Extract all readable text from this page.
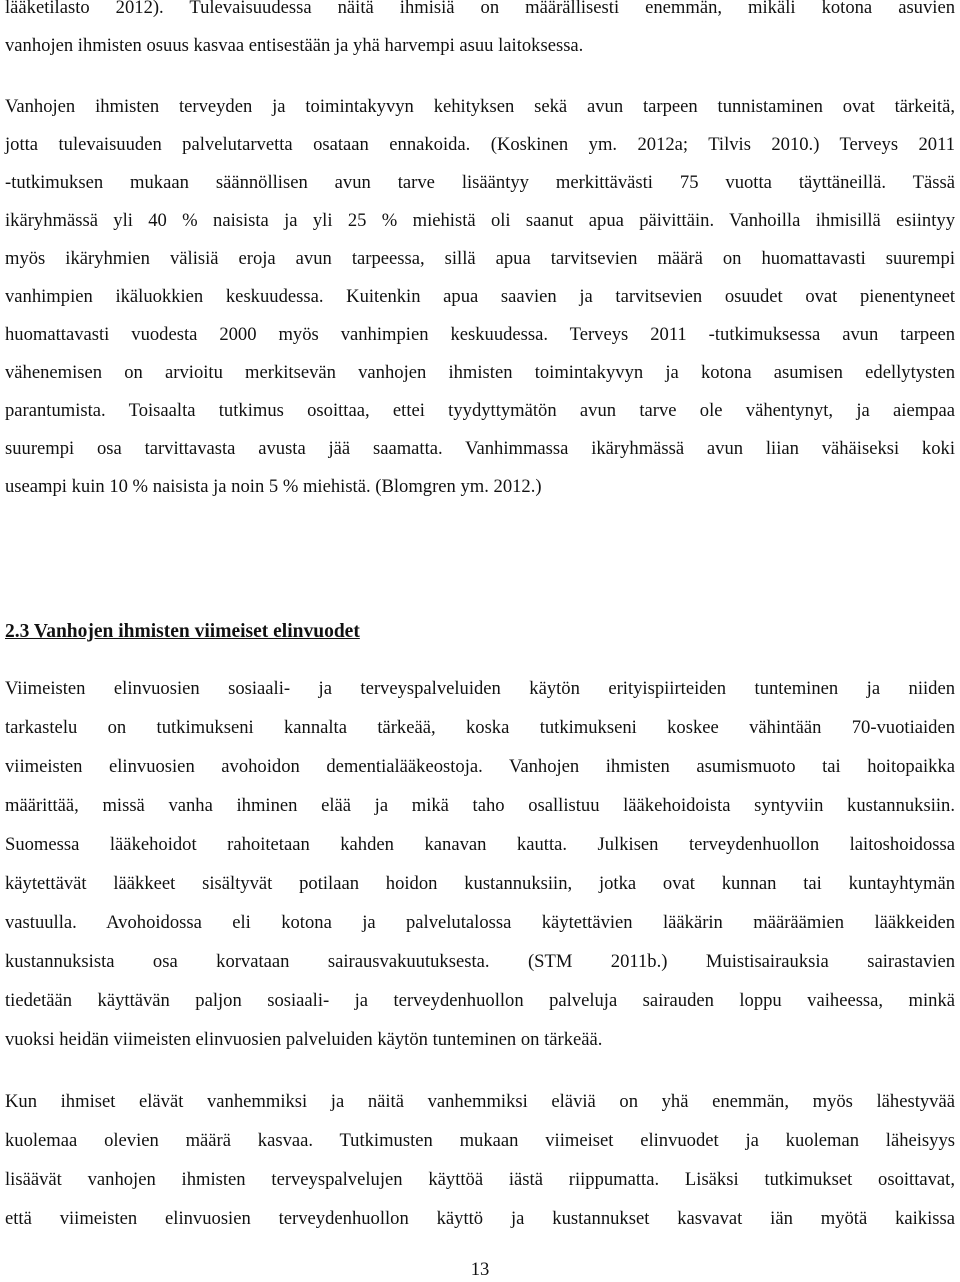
lääketilasto 2012). Tulevaisuudessa näitä ihmisiä on määrällisesti enemmän, mikäli kotona asuvien
vanhojen ihmisten osuus kasvaa entisestään ja yhä harvempi asuu laitoksessa.
Vanhojen ihmisten terveyden ja toimintakyvyn kehityksen sekä avun tarpeen tunnistaminen ovat tärkeitä,
jotta tulevaisuuden palvelutarvetta osataan ennakoida. (Koskinen ym. 2012a; Tilvis 2010.) Terveys 2011
-tutkimuksen mukaan säännöllisen avun tarve lisääntyy merkittävästi 75 vuotta täyttäneillä. Tässä
ikäryhmässä yli 40 % naisista ja yli 25 % miehistä oli saanut apua päivittäin. Vanhoilla ihmisillä esiintyy
myös ikäryhmien välisiä eroja avun tarpeessa, sillä apua tarvitsevien määrä on huomattavasti suurempi
vanhimpien ikäluokkien keskuudessa. Kuitenkin apua saavien ja tarvitsevien osuudet ovat pienentyneet
huomattavasti vuodesta 2000 myös vanhimpien keskuudessa. Terveys 2011 -tutkimuksessa avun tarpeen
vähenemisen on arvioitu merkitsevän vanhojen ihmisten toimintakyvyn ja kotona asumisen edellytysten
parantumista. Toisaalta tutkimus osoittaa, ettei tyydyttymätön avun tarve ole vähentynyt, ja aiempaa
suurempi osa tarvittavasta avusta jää saamatta. Vanhimmassa ikäryhmässä avun liian vähäiseksi koki
useampi kuin 10 % naisista ja noin 5 % miehistä. (Blomgren ym. 2012.)
2.3 Vanhojen ihmisten viimeiset elinvuodet
Viimeisten elinvuosien sosiaali- ja terveyspalveluiden käytön erityispiirteiden tunteminen ja niiden
tarkastelu on tutkimukseni kannalta tärkeää, koska tutkimukseni koskee vähintään 70-vuotiaiden
viimeisten elinvuosien avohoidon dementialääkeostoja. Vanhojen ihmisten asumismuoto tai hoitopaikka
määrittää, missä vanha ihminen elää ja mikä taho osallistuu lääkehoidoista syntyviin kustannuksiin.
Suomessa lääkehoidot rahoitetaan kahden kanavan kautta. Julkisen terveydenhuollon laitoshoidossa
käytettävät lääkkeet sisältyvät potilaan hoidon kustannuksiin, jotka ovat kunnan tai kuntayhtymän
vastuulla. Avohoidossa eli kotona ja palvelutalossa käytettävien lääkärin määräämien lääkkeiden
kustannuksista osa korvataan sairausvakuutuksesta. (STM 2011b.) Muistisairauksia sairastavien
tiedetään käyttävän paljon sosiaali- ja terveydenhuollon palveluja sairauden loppu vaiheessa, minkä
vuoksi heidän viimeisten elinvuosien palveluiden käytön tunteminen on tärkeää.
Kun ihmiset elävät vanhemmiksi ja näitä vanhemmiksi eläviä on yhä enemmän, myös lähestyvää
kuolemaa olevien määrä kasvaa. Tutkimusten mukaan viimeiset elinvuodet ja kuoleman läheisyys
lisäävät vanhojen ihmisten terveyspalvelujen käyttöä iästä riippumatta. Lisäksi tutkimukset osoittavat,
että viimeisten elinvuosien terveydenhuollon käyttö ja kustannukset kasvavat iän myötä kaikissa
13
